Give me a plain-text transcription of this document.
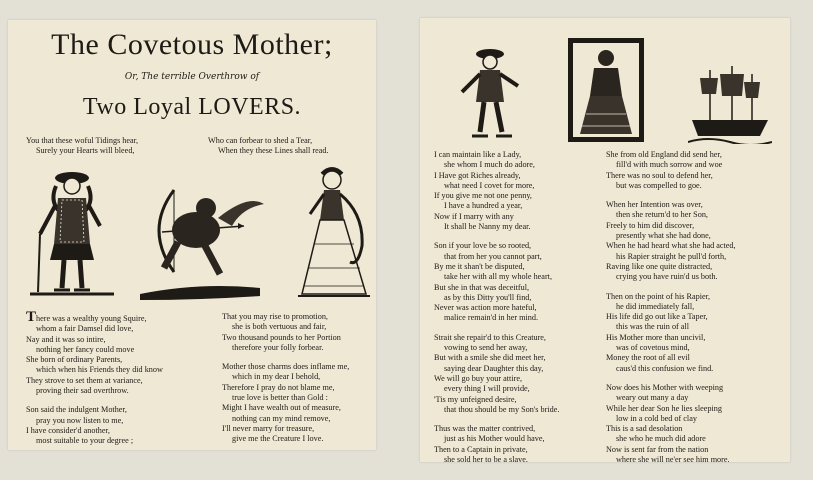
The Covetous Mother;
Or, The terrible Overthrow of
Two Loyal LOVERS.
You that these woful Tidings hear,
Surely your Hearts will bleed,
Who can forbear to shed a Tear,
When they these Lines shall read.
There was a wealthy young Squire,
whom a fair Damsel did love,
Nay and it was so intire,
nothing her fancy could move
She born of ordinary Parents,
which when his Friends they did know
They strove to set them at variance,
proving their sad overthrow.
Son said the indulgent Mother,
pray you now listen to me,
I have consider'd another,
most suitable to your degree ;
That you may rise to promotion,
she is both vertuous and fair,
Two thousand pounds to her Portion
therefore your folly forbear.
Mother those charms does inflame me,
which in my dear I behold,
Therefore I pray do not blame me,
true love is better than Gold :
Might I have wealth out of measure,
nothing can my mind remove,
I'll never marry for treasure,
give me the Creature I love.
I can maintain like a Lady,
she whom I much do adore,
I Have got Riches already,
what need I covet for more,
If you give me not one penny,
I have a hundred a year,
Now if I marry with any
It shall be Nanny my dear.
Son if your love be so rooted,
that from her you cannot part,
By me it shan't be disputed,
take her with all my whole heart,
But she in that was deceitful,
as by this Ditty you'll find,
Never was action more hateful,
malice remain'd in her mind.
Strait she repair'd to this Creature,
vowing to send her away,
But with a smile she did meet her,
saying dear Daughter this day,
We will go buy your attire,
every thing I will provide,
'Tis my unfeigned desire,
that thou should be my Son's bride.
Thus was the matter contrived,
just as his Mother would have,
Then to a Captain in private,
she sold her to be a slave.
She from old England did send her,
fill'd with much sorrow and woe
There was no soul to defend her,
but was compelled to goe.
When her Intention was over,
then she return'd to her Son,
Freely to him did discover,
presently what she had done,
When he had heard what she had acted,
his Rapier straight he pull'd forth,
Raving like one quite distracted,
crying you have ruin'd us both.
Then on the point of his Rapier,
he did immediately fall,
His life did go out like a Taper,
this was the ruin of all
His Mother more than uncivil,
was of covetous mind,
Money the root of all evil
caus'd this confusion we find.
Now does his Mother with weeping
weary out many a day
While her dear Son he lies sleeping
low in a cold bed of clay
This is a sad desolation
she who he much did adore
Now is sent far from the nation
where she will ne'er see him more.
